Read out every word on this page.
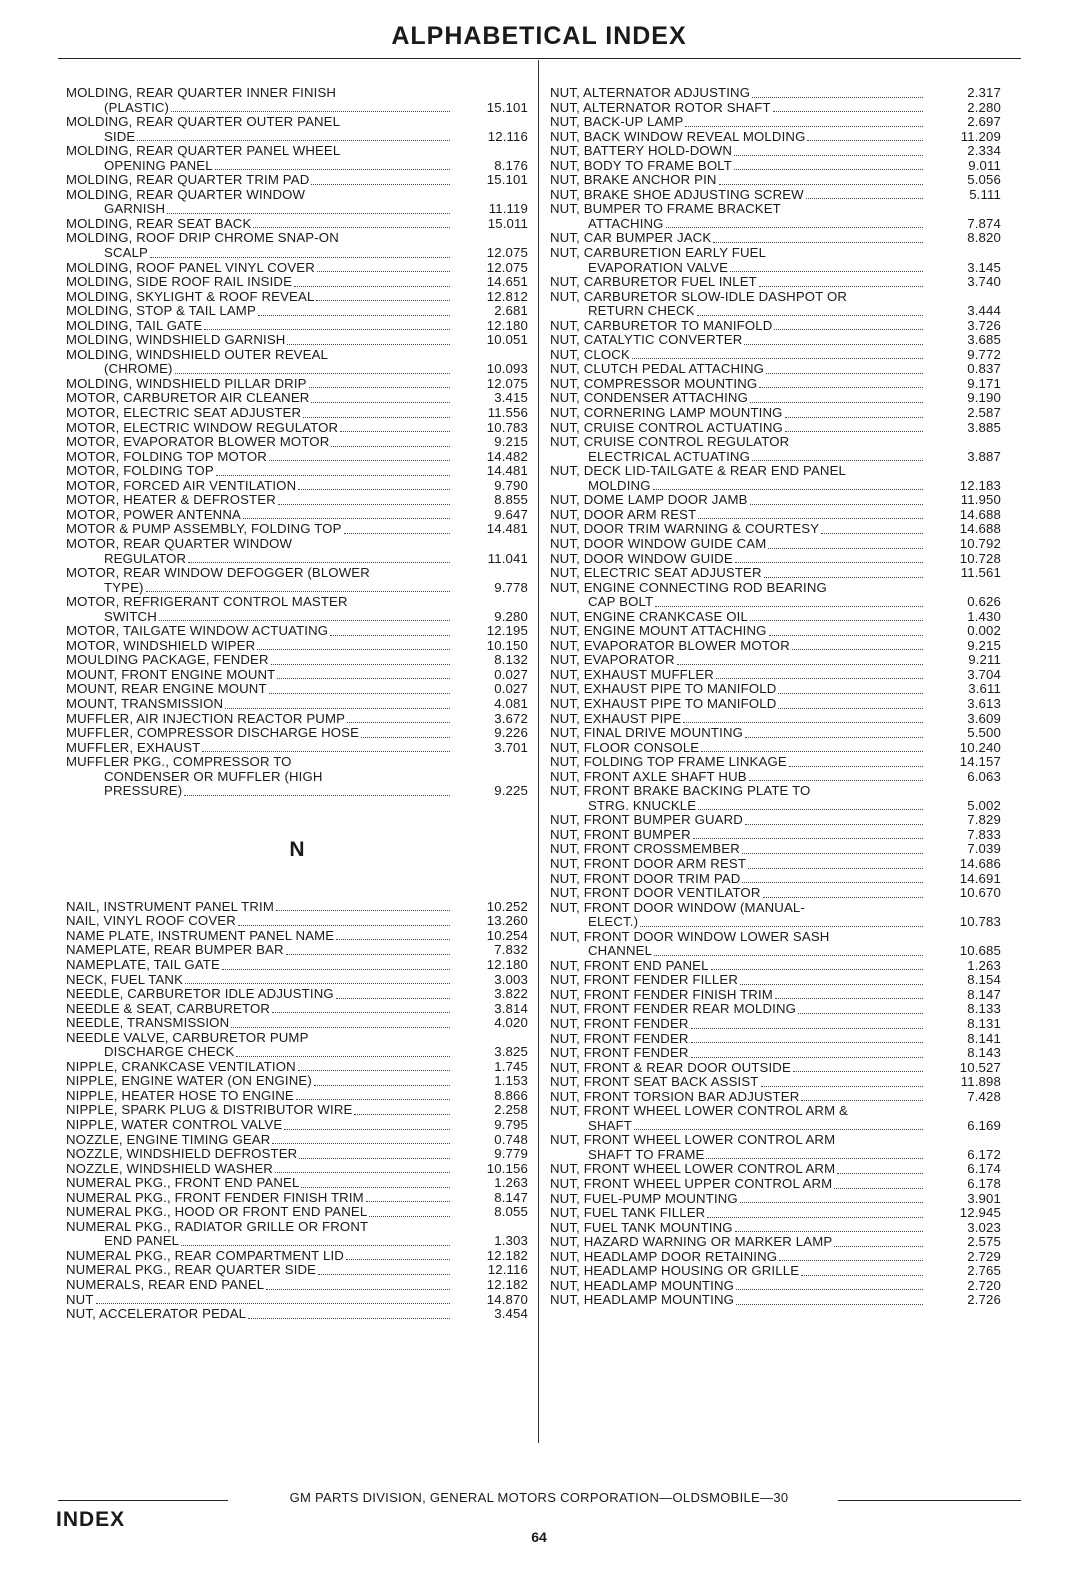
ALPHABETICAL INDEX
MOLDING, REAR QUARTER INNER FINISH
(PLASTIC)	15.101
MOLDING, REAR QUARTER OUTER PANEL
SIDE	12.116
MOLDING, REAR QUARTER PANEL WHEEL
OPENING PANEL	8.176
MOLDING, REAR QUARTER TRIM PAD	15.101
MOLDING, REAR QUARTER WINDOW
GARNISH	11.119
MOLDING, REAR SEAT BACK	15.011
MOLDING, ROOF DRIP CHROME SNAP-ON
SCALP	12.075
MOLDING, ROOF PANEL VINYL COVER	12.075
MOLDING, SIDE ROOF RAIL INSIDE	14.651
MOLDING, SKYLIGHT & ROOF REVEAL	12.812
MOLDING, STOP & TAIL LAMP	2.681
MOLDING, TAIL GATE	12.180
MOLDING, WINDSHIELD GARNISH	10.051
MOLDING, WINDSHIELD OUTER REVEAL
(CHROME)	10.093
MOLDING, WINDSHIELD PILLAR DRIP	12.075
MOTOR, CARBURETOR AIR CLEANER	3.415
MOTOR, ELECTRIC SEAT ADJUSTER	11.556
MOTOR, ELECTRIC WINDOW REGULATOR	10.783
MOTOR, EVAPORATOR BLOWER MOTOR	9.215
MOTOR, FOLDING TOP MOTOR	14.482
MOTOR, FOLDING TOP	14.481
MOTOR, FORCED AIR VENTILATION	9.790
MOTOR, HEATER & DEFROSTER	8.855
MOTOR, POWER ANTENNA	9.647
MOTOR & PUMP ASSEMBLY, FOLDING TOP	14.481
MOTOR, REAR QUARTER WINDOW
REGULATOR	11.041
MOTOR, REAR WINDOW DEFOGGER (BLOWER
TYPE)	9.778
MOTOR, REFRIGERANT CONTROL MASTER
SWITCH	9.280
MOTOR, TAILGATE WINDOW ACTUATING	12.195
MOTOR, WINDSHIELD WIPER	10.150
MOULDING PACKAGE, FENDER	8.132
MOUNT, FRONT ENGINE MOUNT	0.027
MOUNT, REAR ENGINE MOUNT	0.027
MOUNT, TRANSMISSION	4.081
MUFFLER, AIR INJECTION REACTOR PUMP	3.672
MUFFLER, COMPRESSOR DISCHARGE HOSE	9.226
MUFFLER, EXHAUST	3.701
MUFFLER PKG., COMPRESSOR TO
CONDENSER OR MUFFLER (HIGH
PRESSURE)	9.225
N
NAIL, INSTRUMENT PANEL TRIM	10.252
NAIL, VINYL ROOF COVER	13.260
NAME PLATE, INSTRUMENT PANEL NAME	10.254
NAMEPLATE, REAR BUMPER BAR	7.832
NAMEPLATE, TAIL GATE	12.180
NECK, FUEL TANK	3.003
NEEDLE, CARBURETOR IDLE ADJUSTING	3.822
NEEDLE & SEAT, CARBURETOR	3.814
NEEDLE, TRANSMISSION	4.020
NEEDLE VALVE, CARBURETOR PUMP
DISCHARGE CHECK	3.825
NIPPLE, CRANKCASE VENTILATION	1.745
NIPPLE, ENGINE WATER (ON ENGINE)	1.153
NIPPLE, HEATER HOSE TO ENGINE	8.866
NIPPLE, SPARK PLUG & DISTRIBUTOR WIRE	2.258
NIPPLE, WATER CONTROL VALVE	9.795
NOZZLE, ENGINE TIMING GEAR	0.748
NOZZLE, WINDSHIELD DEFROSTER	9.779
NOZZLE, WINDSHIELD WASHER	10.156
NUMERAL PKG., FRONT END PANEL	1.263
NUMERAL PKG., FRONT FENDER FINISH TRIM	8.147
NUMERAL PKG., HOOD OR FRONT END PANEL	8.055
NUMERAL PKG., RADIATOR GRILLE OR FRONT
END PANEL	1.303
NUMERAL PKG., REAR COMPARTMENT LID	12.182
NUMERAL PKG., REAR QUARTER SIDE	12.116
NUMERALS, REAR END PANEL	12.182
NUT	14.870
NUT, ACCELERATOR PEDAL	3.454
NUT, ALTERNATOR ADJUSTING	2.317
NUT, ALTERNATOR ROTOR SHAFT	2.280
NUT, BACK-UP LAMP	2.697
NUT, BACK WINDOW REVEAL MOLDING	11.209
NUT, BATTERY HOLD-DOWN	2.334
NUT, BODY TO FRAME BOLT	9.011
NUT, BRAKE ANCHOR PIN	5.056
NUT, BRAKE SHOE ADJUSTING SCREW	5.111
NUT, BUMPER TO FRAME BRACKET
ATTACHING	7.874
NUT, CAR BUMPER JACK	8.820
NUT, CARBURETION EARLY FUEL
EVAPORATION VALVE	3.145
NUT, CARBURETOR FUEL INLET	3.740
NUT, CARBURETOR SLOW-IDLE DASHPOT OR
RETURN CHECK	3.444
NUT, CARBURETOR TO MANIFOLD	3.726
NUT, CATALYTIC CONVERTER	3.685
NUT, CLOCK	9.772
NUT, CLUTCH PEDAL ATTACHING	0.837
NUT, COMPRESSOR MOUNTING	9.171
NUT, CONDENSER ATTACHING	9.190
NUT, CORNERING LAMP MOUNTING	2.587
NUT, CRUISE CONTROL ACTUATING	3.885
NUT, CRUISE CONTROL REGULATOR
ELECTRICAL ACTUATING	3.887
NUT, DECK LID-TAILGATE & REAR END PANEL
MOLDING	12.183
NUT, DOME LAMP DOOR JAMB	11.950
NUT, DOOR ARM REST	14.688
NUT, DOOR TRIM WARNING & COURTESY	14.688
NUT, DOOR WINDOW GUIDE CAM	10.792
NUT, DOOR WINDOW GUIDE	10.728
NUT, ELECTRIC SEAT ADJUSTER	11.561
NUT, ENGINE CONNECTING ROD BEARING
CAP BOLT	0.626
NUT, ENGINE CRANKCASE OIL	1.430
NUT, ENGINE MOUNT ATTACHING	0.002
NUT, EVAPORATOR BLOWER MOTOR	9.215
NUT, EVAPORATOR	9.211
NUT, EXHAUST MUFFLER	3.704
NUT, EXHAUST PIPE TO MANIFOLD	3.611
NUT, EXHAUST PIPE TO MANIFOLD	3.613
NUT, EXHAUST PIPE	3.609
NUT, FINAL DRIVE MOUNTING	5.500
NUT, FLOOR CONSOLE	10.240
NUT, FOLDING TOP FRAME LINKAGE	14.157
NUT, FRONT AXLE SHAFT HUB	6.063
NUT, FRONT BRAKE BACKING PLATE TO
STRG. KNUCKLE	5.002
NUT, FRONT BUMPER GUARD	7.829
NUT, FRONT BUMPER	7.833
NUT, FRONT CROSSMEMBER	7.039
NUT, FRONT DOOR ARM REST	14.686
NUT, FRONT DOOR TRIM PAD	14.691
NUT, FRONT DOOR VENTILATOR	10.670
NUT, FRONT DOOR WINDOW (MANUAL-
ELECT.)	10.783
NUT, FRONT DOOR WINDOW LOWER SASH
CHANNEL	10.685
NUT, FRONT END PANEL	1.263
NUT, FRONT FENDER FILLER	8.154
NUT, FRONT FENDER FINISH TRIM	8.147
NUT, FRONT FENDER REAR MOLDING	8.133
NUT, FRONT FENDER	8.131
NUT, FRONT FENDER	8.141
NUT, FRONT FENDER	8.143
NUT, FRONT & REAR DOOR OUTSIDE	10.527
NUT, FRONT SEAT BACK ASSIST	11.898
NUT, FRONT TORSION BAR ADJUSTER	7.428
NUT, FRONT WHEEL LOWER CONTROL ARM &
SHAFT	6.169
NUT, FRONT WHEEL LOWER CONTROL ARM
SHAFT TO FRAME	6.172
NUT, FRONT WHEEL LOWER CONTROL ARM	6.174
NUT, FRONT WHEEL UPPER CONTROL ARM	6.178
NUT, FUEL-PUMP MOUNTING	3.901
NUT, FUEL TANK FILLER	12.945
NUT, FUEL TANK MOUNTING	3.023
NUT, HAZARD WARNING OR MARKER LAMP	2.575
NUT, HEADLAMP DOOR RETAINING	2.729
NUT, HEADLAMP HOUSING OR GRILLE	2.765
NUT, HEADLAMP MOUNTING	2.720
NUT, HEADLAMP MOUNTING	2.726
GM PARTS DIVISION, GENERAL MOTORS CORPORATION—OLDSMOBILE—30
INDEX
64
